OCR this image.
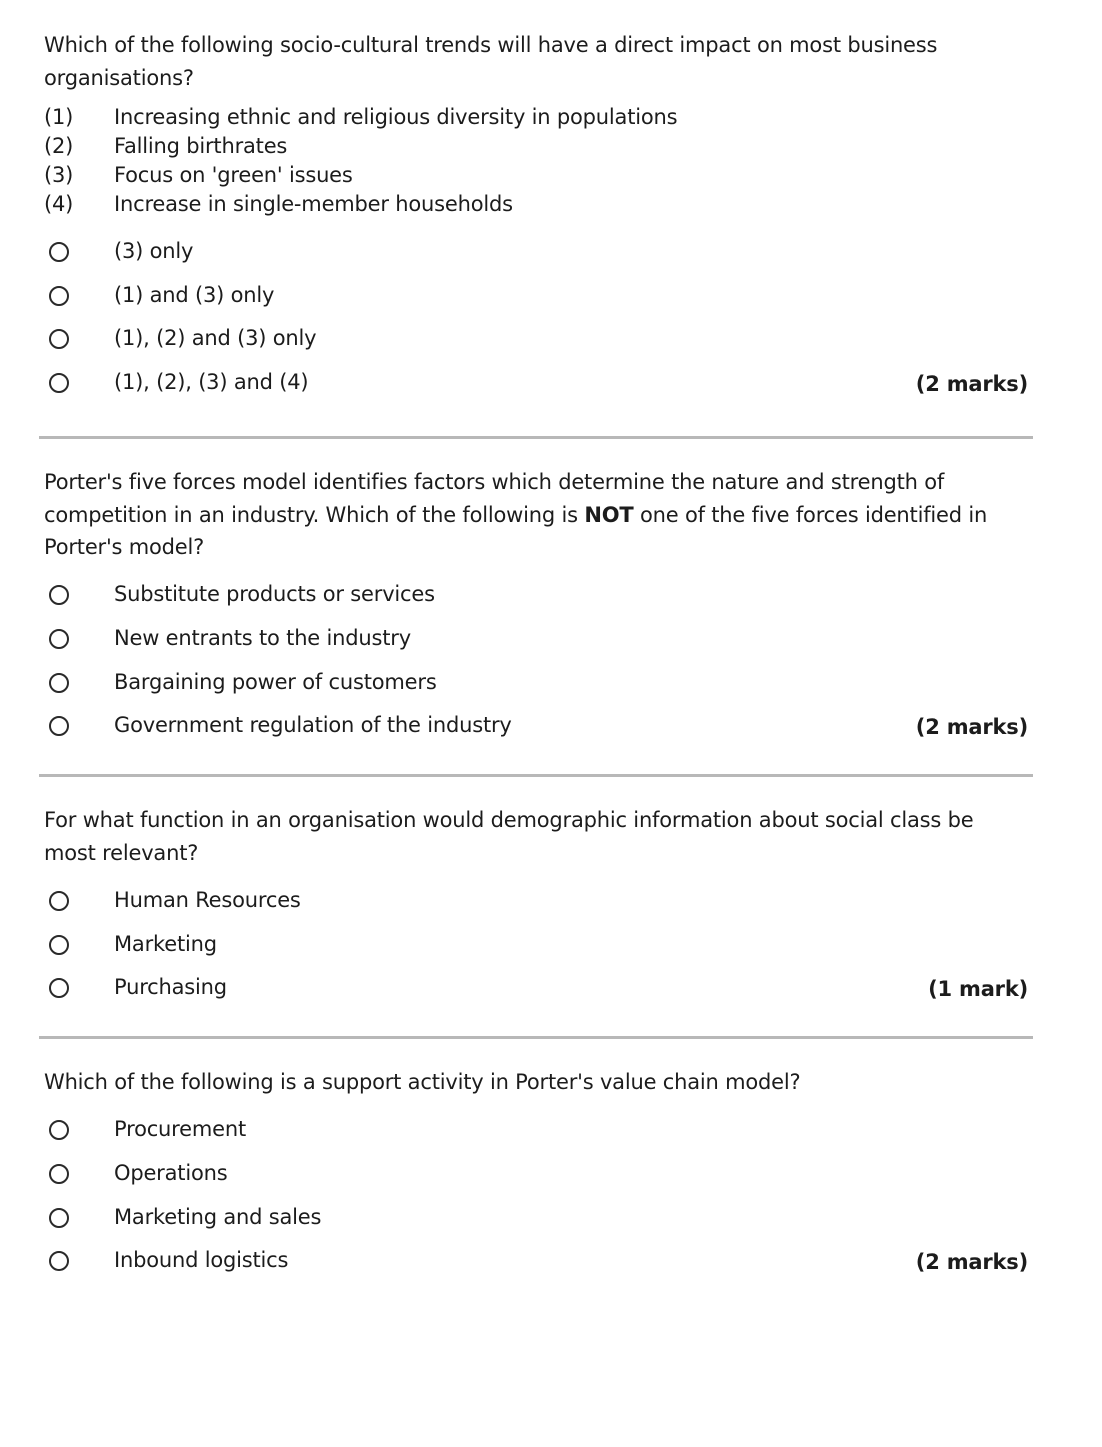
Which of the following socio-cultural trends will have a direct impact on most business organisations?

(1)	Increasing ethnic and religious diversity in populations
(2)	Falling birthrates
(3)	Focus on 'green' issues
(4)	Increase in single-member households
(3) only
(1) and (3) only
(1), (2) and (3) only
(1), (2), (3) and (4)	(2 marks)

Porter's five forces model identifies factors which determine the nature and strength of competition in an industry. Which of the following is NOT one of the five forces identified in Porter's model?

Substitute products or services
New entrants to the industry
Bargaining power of customers
Government regulation of the industry	(2 marks)

For what function in an organisation would demographic information about social class be most relevant?

Human Resources
Marketing
Purchasing	(1 mark)

Which of the following is a support activity in Porter's value chain model?

Procurement
Operations
Marketing and sales
Inbound logistics	(2 marks)
